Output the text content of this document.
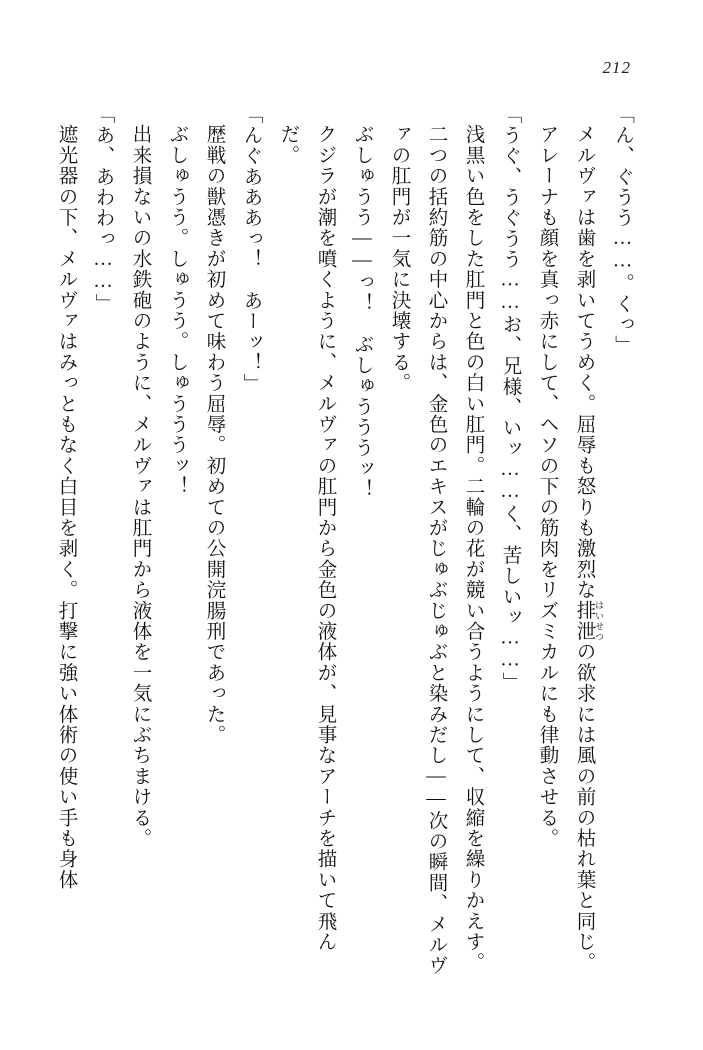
212

「ん、ぐうう……。くっ」

メルヴァは歯を剥いてうめく。屈辱も怒りも激烈な排泄 はいせつの欲求には風の前の枯れ葉と同じ。アレーナも顔を真っ赤にして、ヘソの下の筋肉をリズミカルにも律動させる。

「うぐ、うぐうう……お、兄様、いッ……く、苦しいッ……」

浅黒い色をした肛門と色の白い肛門。二輪の花が競い合うようにして、収縮を繰りかえす。二つの括約筋の中心からは、金色のエキスがじゅぶじゅぶと染みだし――次の瞬間、メルヴァの肛門が一気に決壊する。

ぶしゅうう――っ！　ぶしゅうううッ！

クジラが潮を噴くように、メルヴァの肛門から金色の液体が、見事なアーチを描いて飛んだ。

「んぐあああっ！　あーッ！」

歴戦の獣憑きが初めて味わう屈辱。初めての公開浣腸刑であった。

ぶしゅうう。しゅうう。しゅうううッ！

出来損ないの水鉄砲のように、メルヴァは肛門から液体を一気にぶちまける。

「あ、あわわっ……」

遮光器の下、メルヴァはみっともなく白目を剥く。打撃に強い体術の使い手も身体
